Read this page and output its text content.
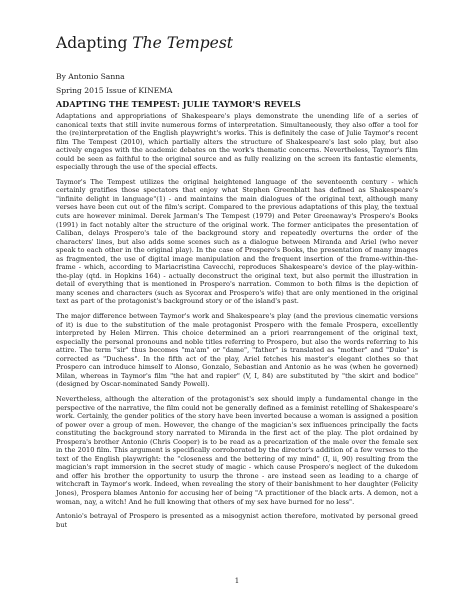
Adapting The Tempest
By Antonio Sanna
Spring 2015 Issue of KINEMA
ADAPTING THE TEMPEST: JULIE TAYMOR'S REVELS

Adaptations and appropriations of Shakespeare's plays demonstrate the unending life of a series of canonical texts that still invite numerous forms of interpretation. Simultaneously, they also offer a tool for the (re)interpretation of the English playwright's works. This is definitely the case of Julie Taymor's recent film The Tempest (2010), which partially alters the structure of Shakespeare's last solo play, but also actively engages with the academic debates on the work's thematic concerns. Nevertheless, Taymor's film could be seen as faithful to the original source and as fully realizing on the screen its fantastic elements, especially through the use of the special effects.

Taymor's The Tempest utilizes the original heightened language of the seventeenth century - which certainly gratifies those spectators that enjoy what Stephen Greenblatt has defined as Shakespeare's "infinite delight in language"(1) - and maintains the main dialogues of the original text, although many verses have been cut out of the film's script. Compared to the previous adaptations of this play, the textual cuts are however minimal. Derek Jarman's The Tempest (1979) and Peter Greenaway's Prospero's Books (1991) in fact notably alter the structure of the original work. The former anticipates the presentation of Caliban, delays Prospero's tale of the background story and repeatedly overturns the order of the characters' lines, but also adds some scenes such as a dialogue between Miranda and Ariel (who never speak to each other in the original play). In the case of Prospero's Books, the presentation of many images as fragmented, the use of digital image manipulation and the frequent insertion of the frame-within-the-frame - which, according to Mariacristina Cavecchi, reproduces Shakespeare's device of the play-within-the-play (qtd. in Hopkins 164) - actually deconstruct the original text, but also permit the illustration in detail of everything that is mentioned in Prospero's narration. Common to both films is the depiction of many scenes and characters (such as Sycorax and Prospero's wife) that are only mentioned in the original text as part of the protagonist's background story or of the island's past.

The major difference between Taymor's work and Shakespeare's play (and the previous cinematic versions of it) is due to the substitution of the male protagonist Prospero with the female Prospera, excellently interpreted by Helen Mirren. This choice determined an a priori rearrangement of the original text, especially the personal pronouns and noble titles referring to Prospero, but also the words referring to his attire. The term "sir" thus becomes "ma'am" or "dame", "father" is translated as "mother" and "Duke" is corrected as "Duchess". In the fifth act of the play, Ariel fetches his master's elegant clothes so that Prospero can introduce himself to Alonso, Gonzalo, Sebastian and Antonio as he was (when he governed) Milan, whereas in Taymor's film "the hat and rapier" (V, I, 84) are substituted by "the skirt and bodice" (designed by Oscar-nominated Sandy Powell).

Nevertheless, although the alteration of the protagonist's sex should imply a fundamental change in the perspective of the narrative, the film could not be generally defined as a feminist retelling of Shakespeare's work. Certainly, the gender politics of the story have been inverted because a woman is assigned a position of power over a group of men. However, the change of the magician's sex influences principally the facts constituting the background story narrated to Miranda in the first act of the play. The plot ordained by Prospera's brother Antonio (Chris Cooper) is to be read as a precarization of the male over the female sex in the 2010 film. This argument is specifically corroborated by the director's addition of a few verses to the text of the English playwright: the "closeness and the bettering of my mind" (I, ii, 90) resulting from the magician's rapt immersion in the secret study of magic - which cause Prospero's neglect of the dukedom and offer his brother the opportunity to usurp the throne - are instead seen as leading to a charge of witchcraft in Taymor's work. Indeed, when revealing the story of their banishment to her daughter (Felicity Jones), Prospera blames Antonio for accusing her of being "A practitioner of the black arts. A demon, not a woman, nay, a witch! And he full knowing that others of my sex have burned for no less".

Antonio's betrayal of Prospero is presented as a misogynist action therefore, motivated by personal greed but

1
